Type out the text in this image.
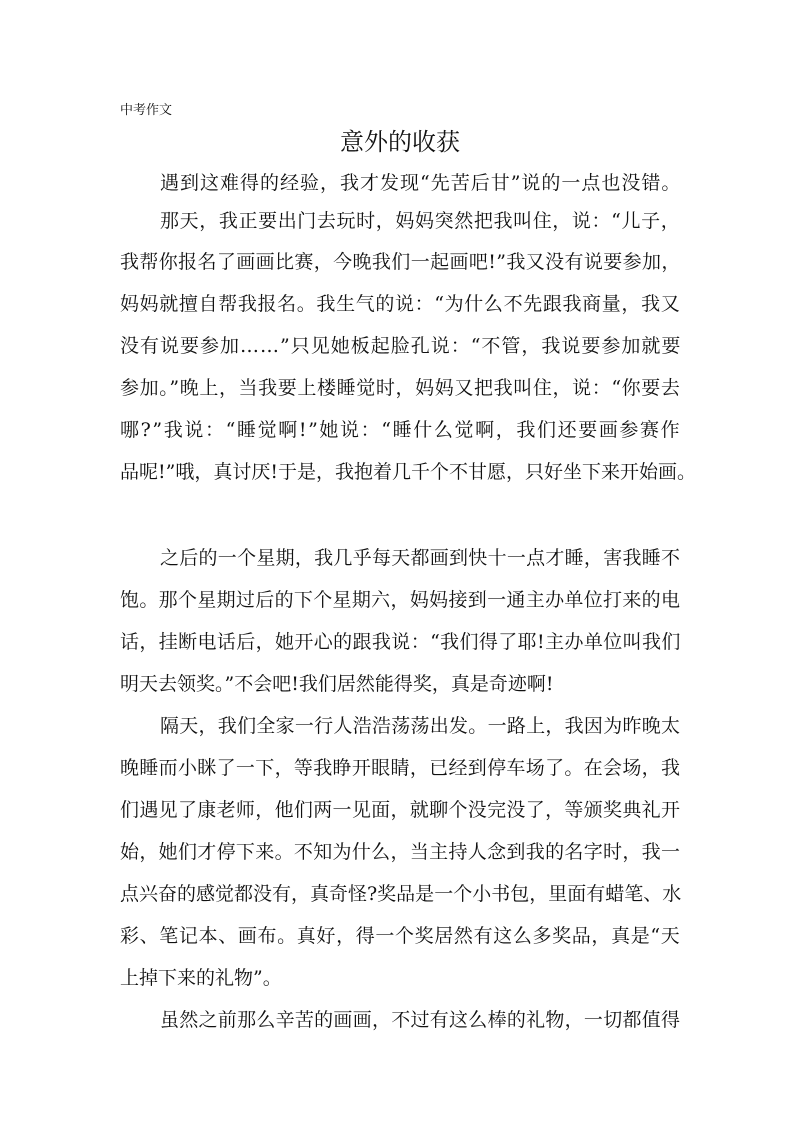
中考作文
意外的收获
遇到这难得的经验，我才发现“先苦后甘”说的一点也没错。
那天，我正要出门去玩时，妈妈突然把我叫住，说：“儿子，
我帮你报名了画画比赛，今晚我们一起画吧!”我又没有说要参加，
妈妈就擅自帮我报名。我生气的说：“为什么不先跟我商量，我又
没有说要参加……”只见她板起脸孔说：“不管，我说要参加就要
参加。”晚上，当我要上楼睡觉时，妈妈又把我叫住，说：“你要去
哪?”我说：“睡觉啊!”她说：“睡什么觉啊，我们还要画参赛作
品呢!”哦，真讨厌!于是，我抱着几千个不甘愿，只好坐下来开始画。
之后的一个星期，我几乎每天都画到快十一点才睡，害我睡不
饱。那个星期过后的下个星期六，妈妈接到一通主办单位打来的电
话，挂断电话后，她开心的跟我说：“我们得了耶!主办单位叫我们
明天去领奖。”不会吧!我们居然能得奖，真是奇迹啊!
隔天，我们全家一行人浩浩荡荡出发。一路上，我因为昨晚太
晚睡而小眯了一下，等我睁开眼睛，已经到停车场了。在会场，我
们遇见了康老师，他们两一见面，就聊个没完没了，等颁奖典礼开
始，她们才停下来。不知为什么，当主持人念到我的名字时，我一
点兴奋的感觉都没有，真奇怪?奖品是一个小书包，里面有蜡笔、水
彩、笔记本、画布。真好，得一个奖居然有这么多奖品，真是“天
上掉下来的礼物”。
虽然之前那么辛苦的画画，不过有这么棒的礼物，一切都值得
